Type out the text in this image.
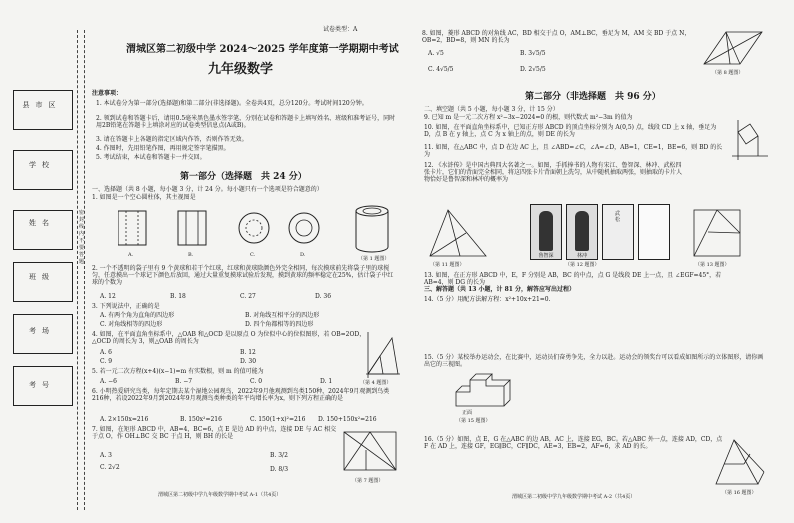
县市区
学校
姓名
班级
考场
考号
密封线内不要答题
试卷类型：A
渭城区第二初级中学 2024～2025 学年度第一学期期中考试
九年级数学
注意事项：
1. 本试卷分为第一部分(选择题)和第二部分(非选择题)。全卷共4页，总分120分。考试时间120分钟。
2. 领到试卷和答题卡后，请用0.5毫米黑色墨水签字笔，分别在试卷和答题卡上填写姓名、班级和准考证号，同时用2B铅笔在答题卡上填涂对应的试卷类型信息点(A或B)。
3. 请在答题卡上各题的指定区域内作答，否则作答无效。
4. 作图时，先用铅笔作图，再用规定签字笔描黑。
5. 考试结束，本试卷和答题卡一并交回。
第一部分（选择题　共 24 分）
一、选择题（共 8 小题，每小题 3 分，计 24 分。每小题只有一个选项是符合题意的）
1. 如图是一个空心圆柱体，其主视图是
A.	B.	C.	D.
（第 1 题图）
2. 一个不透明的袋子里有 9 个黄球和若干个红球，红球和黄球除颜色外完全相同，每次摸球前先将袋子里的球搅匀，任意摸出一个球记下颜色后放回，通过大量重复摸球试验后发现，摸到黄球的频率稳定在25%，估计袋子中红球的个数为
A. 12	B. 18	C. 27	D. 36
3. 下列说法中，正确的是
A. 有两个角为直角的四边形	B. 对角线互相平分的四边形
C. 对角线相等的四边形	D. 四个角都相等的四边形
4. 如图，在平面直角坐标系中，△OAB 和△OCD 是以原点 O 为位似中心的位似图形，若 OB=2OD，△OCD 的周长为 3，则△OAB 的周长为
A. 6	B. 12
C. 9	D. 30
（第 4 题图）
5. 若一元二次方程(x+4)(x−1)=m 有实数根，则 m 的值可能为
A. −6	B. −7	C. 0	D. 1
6. 小明热爱研究鸟类，每年定期去某个湿地公园观鸟，2022年9月他观测到鸟类150种，2024年9月观测到鸟类216种，若设2022年9月到2024年9月观测鸟类种类的年平均增长率为x，则下列方程正确的是
A. 2×150x=216	B. 150x²=216	C. 150(1+x)²=216 D. 150+150x²=216
7. 如图，在矩形 ABCD 中，AB=4，BC=6，点 E 是边 AD 的中点，连接 DE 与 AC 相交于点 O，作 OH⊥BC 交 BC 于点 H，则 BH 的长是
A. 3	B. 3/2
C. 2√2	D. 8/3
（第 7 题图）
渭城区第二初级中学九年级数学期中考试 A-1（共4页）
8. 如图，菱形 ABCD 的对角线 AC，BD 相交于点 O，AM⊥BC，垂足为 M，AM 交 BD 于点 N，OB=2，BD=8，则 MN 的长为
A. √5	B. 3√5/5
C. 4√5/5	D. 2√5/5	（第 8 题图）
第二部分（非选择题　共 96 分）
二、填空题（共 5 小题，每小题 3 分，计 15 分）
9. 已知 m 是一元二次方程 x²−3x−2024=0 的根，则代数式 m²−3m 的值为
10. 如图，在平面直角坐标系中，已知正方形 ABCD 的顶点坐标分别为 A(0,5) 点，线段 CD 上 x 轴，垂足为 D，点 B 在 y 轴上，点 C 为 x 轴上的点，则 DE 的长为
11. 如图，在△ABC 中，点 D 在边 AC 上，且 ∠ABD=∠C，∠A=∠D，AB=1，CE=1，BE=6，则 BD 的长为
12. 《水浒传》是中国古典四大名著之一。如图，手抓捧书的人物有宋江、鲁智深、林冲、武松四张卡片，它们的背面完全相同，将这四张卡片背面朝上洗匀，从中随机抽取两张，则抽取的卡片人物恰好是鲁智深和林冲的概率为
（第 11 题图）
鲁智深	林冲
武松
（第 12 题图）	（第 13 题图）
13. 如图，在正方形 ABCD 中，E，F 分别是 AB，BC 的中点，点 G 是线段 DE 上一点，且 ∠EGF=45°，若 AB=4，则 DG 的长为
三、解答题（共 13 小题，计 81 分，解答应写出过程）
14.（5 分）用配方法解方程：x²+10x+21=0.
15.（5 分）某校举办运动会，在比赛中，运动员们奋勇争先，全力以赴。运动会的领奖台可以看成如图所示的立体图形，请你画出它的三视图。
正面
（第 15 题图）
16.（5 分）如图，点 E，G 在△ABC 的边 AB，AC 上，连接 EG，BC。若△ABC 外一点，连接 AD，CD，点 F 在 AD 上，连接 GF，EG∥BC，CF∥DC，AE=3，EB=2，AF=6，求 AD 的长。
（第 16 题图）
渭城区第二初级中学九年级数学期中考试 A-2（共4页）
